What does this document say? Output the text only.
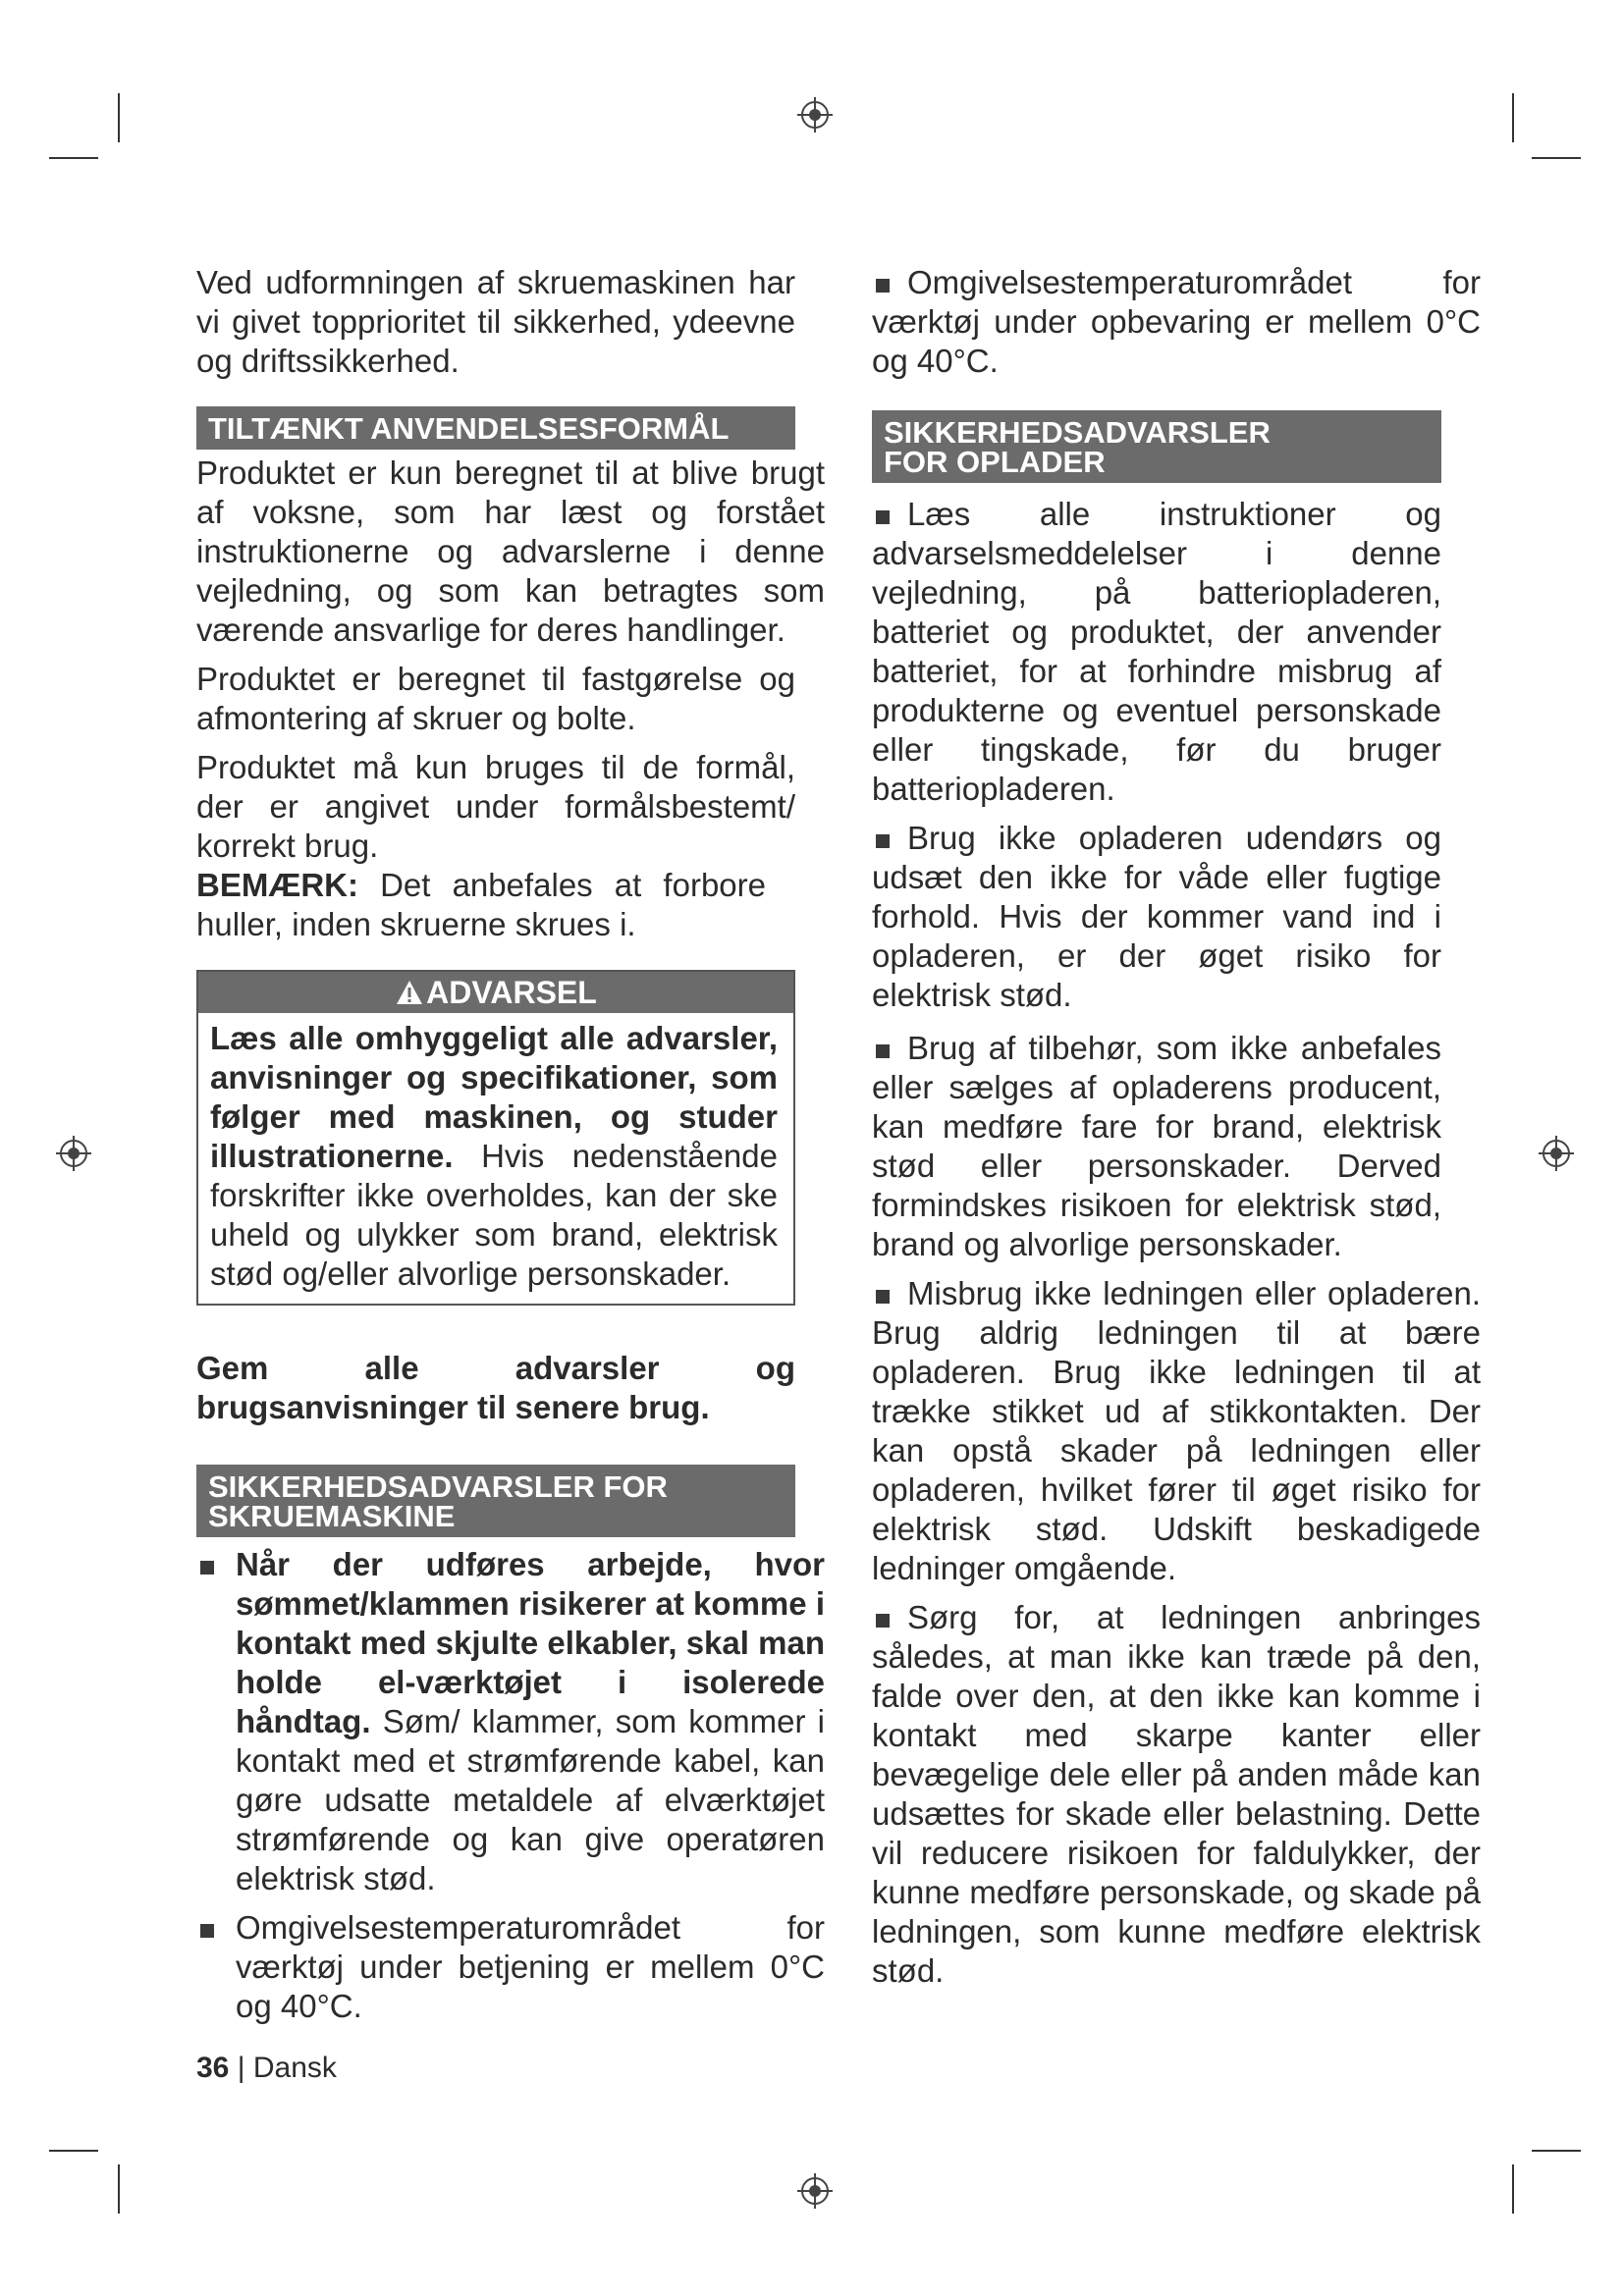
Ved udformningen af skruemaskinen har vi givet topprioritet til sikkerhed, ydeevne og driftssikkerhed.

TILTÆNKT ANVENDELSESFORMÅL

Produktet er kun beregnet til at blive brugt af voksne, som har læst og forstået instruktionerne og advarslerne i denne vejledning, og som kan betragtes som værende ansvarlige for deres handlinger.

Produktet er beregnet til fastgørelse og afmontering af skruer og bolte.

Produktet må kun bruges til de formål, der er angivet under formålsbestemt/ korrekt brug.

BEMÆRK: Det anbefales at forbore huller, inden skruerne skrues i.

ADVARSEL

Læs alle omhyggeligt alle advarsler, anvisninger og specifikationer, som følger med maskinen, og studer illustrationerne. Hvis nedenstående forskrifter ikke overholdes, kan der ske uheld og ulykker som brand, elektrisk stød og/eller alvorlige personskader.

Gem alle advarsler og brugsanvisninger til senere brug.

SIKKERHEDSADVARSLER FOR SKRUEMASKINE
Når der udføres arbejde, hvor sømmet/klammen risikerer at komme i kontakt med skjulte elkabler, skal man holde el-værktøjet i isolerede håndtag. Søm/ klammer, som kommer i kontakt med et strømførende kabel, kan gøre udsatte metaldele af elværktøjet strømførende og kan give operatøren elektrisk stød.
Omgivelsestemperaturområdet for værktøj under betjening er mellem 0°C og 40°C.
Omgivelsestemperaturområdet for værktøj under opbevaring er mellem 0°C og 40°C.
SIKKERHEDSADVARSLER FOR OPLADER
Læs alle instruktioner og advarselsmeddelelser i denne vejledning, på batteriopladeren, batteriet og produktet, der anvender batteriet, for at forhindre misbrug af produkterne og eventuel personskade eller tingskade, før du bruger batteriopladeren.
Brug ikke opladeren udendørs og udsæt den ikke for våde eller fugtige forhold. Hvis der kommer vand ind i opladeren, er der øget risiko for elektrisk stød.
Brug af tilbehør, som ikke anbefales eller sælges af opladerens producent, kan medføre fare for brand, elektrisk stød eller personskader. Derved formindskes risikoen for elektrisk stød, brand og alvorlige personskader.
Misbrug ikke ledningen eller opladeren. Brug aldrig ledningen til at bære opladeren. Brug ikke ledningen til at trække stikket ud af stikkontakten. Der kan opstå skader på ledningen eller opladeren, hvilket fører til øget risiko for elektrisk stød. Udskift beskadigede ledninger omgående.
Sørg for, at ledningen anbringes således, at man ikke kan træde på den, falde over den, at den ikke kan komme i kontakt med skarpe kanter eller bevægelige dele eller på anden måde kan udsættes for skade eller belastning. Dette vil reducere risikoen for faldulykker, der kunne medføre personskade, og skade på ledningen, som kunne medføre elektrisk stød.
36 | Dansk
